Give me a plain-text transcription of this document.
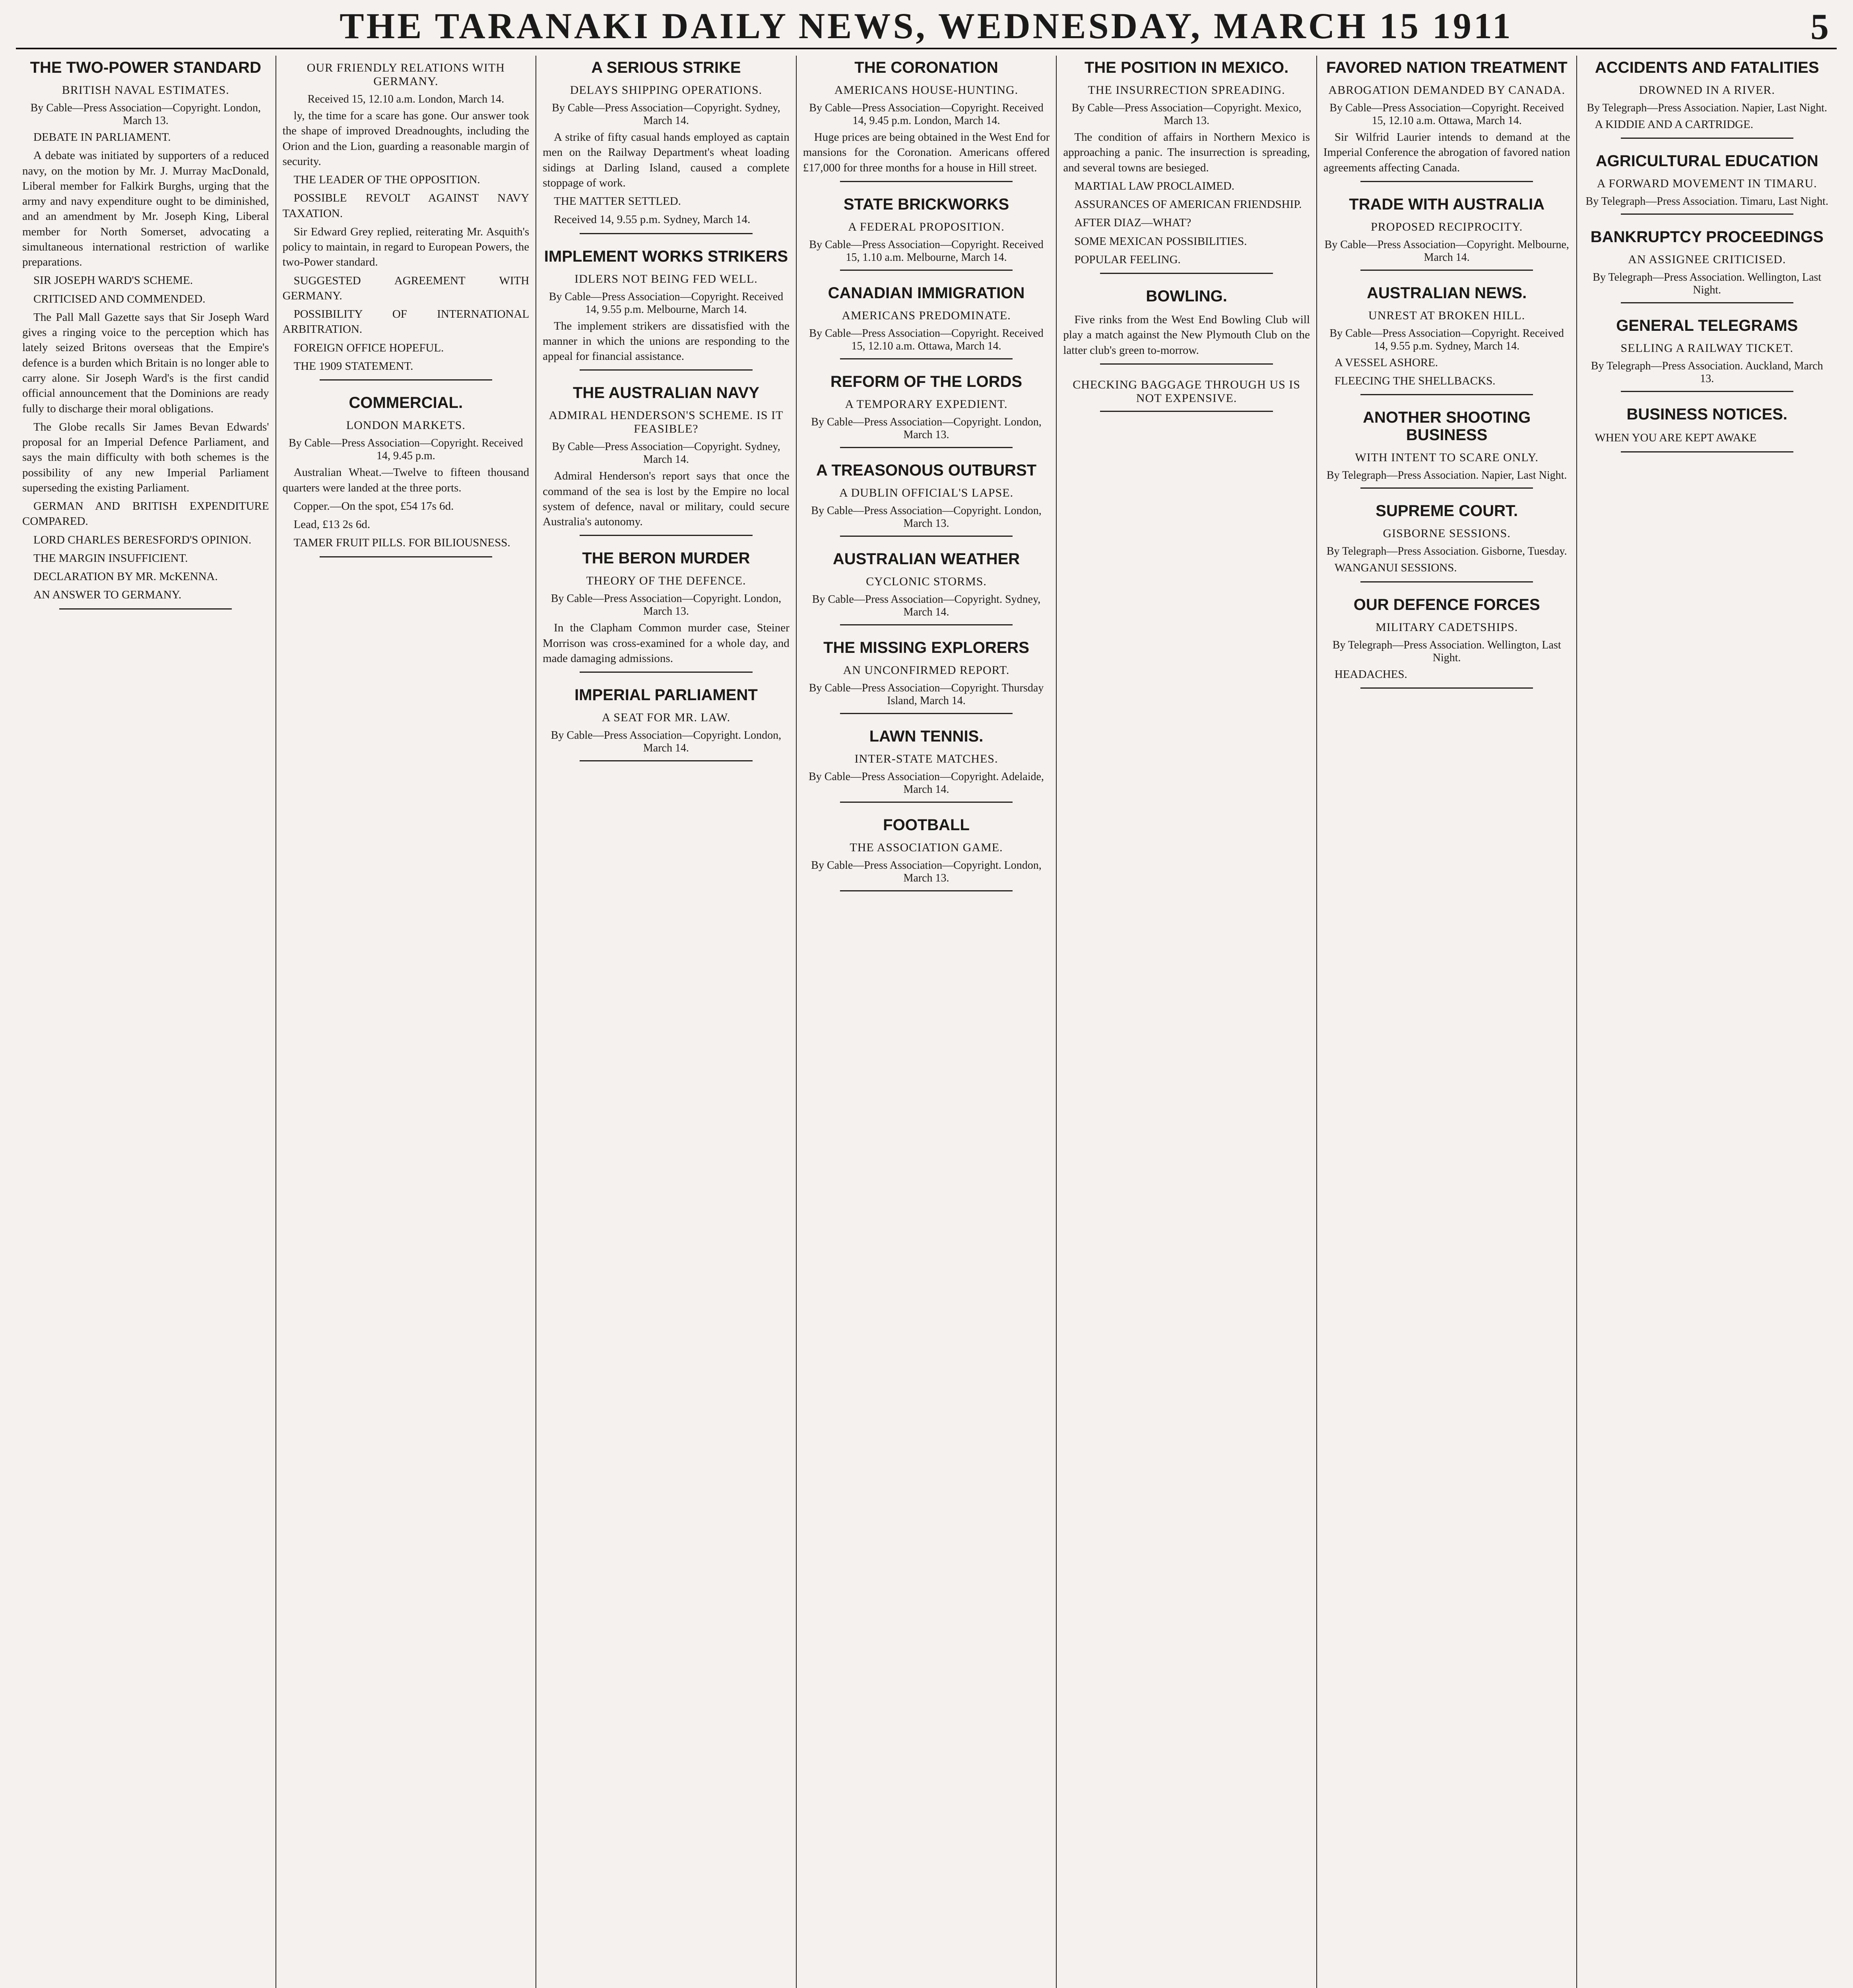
THE TARANAKI DAILY NEWS, WEDNESDAY, MARCH 15 1911	5
THE TWO-POWER STANDARD
BRITISH NAVAL ESTIMATES.
By Cable—Press Association—Copyright. London, March 13.
DEBATE IN PARLIAMENT.
A debate was initiated by supporters of a reduced navy, on the motion by Mr. J. Murray MacDonald, Liberal member for Falkirk Burghs, urging that the army and navy expenditure ought to be diminished, and an amendment by Mr. Joseph King, Liberal member for North Somerset, advocating a simultaneous international restriction of warlike preparations.
SIR JOSEPH WARD'S SCHEME.
CRITICISED AND COMMENDED.
The Pall Mall Gazette says that Sir Joseph Ward gives a ringing voice to the perception which has lately seized Britons overseas that the Empire's defence is a burden which Britain is no longer able to carry alone. Sir Joseph Ward's is the first candid official announcement that the Dominions are ready fully to discharge their moral obligations.
The Globe recalls Sir James Bevan Edwards' proposal for an Imperial Defence Parliament, and says the main difficulty with both schemes is the possibility of any new Imperial Parliament superseding the existing Parliament.
GERMAN AND BRITISH EXPENDITURE COMPARED.
LORD CHARLES BERESFORD'S OPINION.
THE MARGIN INSUFFICIENT.
DECLARATION BY MR. McKENNA.
AN ANSWER TO GERMANY.
OUR FRIENDLY RELATIONS WITH GERMANY.
Received 15, 12.10 a.m. London, March 14.
ly, the time for a scare has gone. Our answer took the shape of improved Dreadnoughts, including the Orion and the Lion, guarding a reasonable margin of security.
THE LEADER OF THE OPPOSITION.
POSSIBLE REVOLT AGAINST NAVY TAXATION.
Sir Edward Grey replied, reiterating Mr. Asquith's policy to maintain, in regard to European Powers, the two-Power standard.
SUGGESTED AGREEMENT WITH GERMANY.
POSSIBILITY OF INTERNATIONAL ARBITRATION.
FOREIGN OFFICE HOPEFUL.
THE 1909 STATEMENT.
COMMERCIAL.
LONDON MARKETS.
By Cable—Press Association—Copyright. Received 14, 9.45 p.m.
Australian Wheat.—Twelve to fifteen thousand quarters were landed at the three ports.
Copper.—On the spot, £54 17s 6d.
Lead, £13 2s 6d.
TAMER FRUIT PILLS. FOR BILIOUSNESS.
A SERIOUS STRIKE
DELAYS SHIPPING OPERATIONS.
By Cable—Press Association—Copyright. Sydney, March 14.
A strike of fifty casual hands employed as captain men on the Railway Department's wheat loading sidings at Darling Island, caused a complete stoppage of work.
THE MATTER SETTLED.
Received 14, 9.55 p.m. Sydney, March 14.
IMPLEMENT WORKS STRIKERS
IDLERS NOT BEING FED WELL.
By Cable—Press Association—Copyright. Received 14, 9.55 p.m. Melbourne, March 14.
The implement strikers are dissatisfied with the manner in which the unions are responding to the appeal for financial assistance.
THE AUSTRALIAN NAVY
ADMIRAL HENDERSON'S SCHEME. IS IT FEASIBLE?
By Cable—Press Association—Copyright. Sydney, March 14.
Admiral Henderson's report says that once the command of the sea is lost by the Empire no local system of defence, naval or military, could secure Australia's autonomy.
THE BERON MURDER
THEORY OF THE DEFENCE.
By Cable—Press Association—Copyright. London, March 13.
In the Clapham Common murder case, Steiner Morrison was cross-examined for a whole day, and made damaging admissions.
IMPERIAL PARLIAMENT
A SEAT FOR MR. LAW.
By Cable—Press Association—Copyright. London, March 14.
THE CORONATION
AMERICANS HOUSE-HUNTING.
By Cable—Press Association—Copyright. Received 14, 9.45 p.m. London, March 14.
Huge prices are being obtained in the West End for mansions for the Coronation. Americans offered £17,000 for three months for a house in Hill street.
STATE BRICKWORKS
A FEDERAL PROPOSITION.
By Cable—Press Association—Copyright. Received 15, 1.10 a.m. Melbourne, March 14.
CANADIAN IMMIGRATION
AMERICANS PREDOMINATE.
By Cable—Press Association—Copyright. Received 15, 12.10 a.m. Ottawa, March 14.
REFORM OF THE LORDS
A TEMPORARY EXPEDIENT.
By Cable—Press Association—Copyright. London, March 13.
A TREASONOUS OUTBURST
A DUBLIN OFFICIAL'S LAPSE.
By Cable—Press Association—Copyright. London, March 13.
AUSTRALIAN WEATHER
CYCLONIC STORMS.
By Cable—Press Association—Copyright. Sydney, March 14.
THE MISSING EXPLORERS
AN UNCONFIRMED REPORT.
By Cable—Press Association—Copyright. Thursday Island, March 14.
LAWN TENNIS.
INTER-STATE MATCHES.
By Cable—Press Association—Copyright. Adelaide, March 14.
FOOTBALL
THE ASSOCIATION GAME.
By Cable—Press Association—Copyright. London, March 13.
THE POSITION IN MEXICO.
THE INSURRECTION SPREADING.
By Cable—Press Association—Copyright. Mexico, March 13.
The condition of affairs in Northern Mexico is approaching a panic. The insurrection is spreading, and several towns are besieged.
MARTIAL LAW PROCLAIMED.
ASSURANCES OF AMERICAN FRIENDSHIP.
AFTER DIAZ—WHAT?
SOME MEXICAN POSSIBILITIES.
POPULAR FEELING.
BOWLING.
Five rinks from the West End Bowling Club will play a match against the New Plymouth Club on the latter club's green to-morrow.
CHECKING BAGGAGE THROUGH US IS NOT EXPENSIVE.
FAVORED NATION TREATMENT
ABROGATION DEMANDED BY CANADA.
By Cable—Press Association—Copyright. Received 15, 12.10 a.m. Ottawa, March 14.
Sir Wilfrid Laurier intends to demand at the Imperial Conference the abrogation of favored nation agreements affecting Canada.
TRADE WITH AUSTRALIA
PROPOSED RECIPROCITY.
By Cable—Press Association—Copyright. Melbourne, March 14.
AUSTRALIAN NEWS.
UNREST AT BROKEN HILL.
By Cable—Press Association—Copyright. Received 14, 9.55 p.m. Sydney, March 14.
A VESSEL ASHORE.
FLEECING THE SHELLBACKS.
ANOTHER SHOOTING BUSINESS
WITH INTENT TO SCARE ONLY.
By Telegraph—Press Association. Napier, Last Night.
SUPREME COURT.
GISBORNE SESSIONS.
By Telegraph—Press Association. Gisborne, Tuesday.
WANGANUI SESSIONS.
OUR DEFENCE FORCES
MILITARY CADETSHIPS.
By Telegraph—Press Association. Wellington, Last Night.
HEADACHES.
ACCIDENTS AND FATALITIES
DROWNED IN A RIVER.
By Telegraph—Press Association. Napier, Last Night.
A KIDDIE AND A CARTRIDGE.
AGRICULTURAL EDUCATION
A FORWARD MOVEMENT IN TIMARU.
By Telegraph—Press Association. Timaru, Last Night.
BANKRUPTCY PROCEEDINGS
AN ASSIGNEE CRITICISED.
By Telegraph—Press Association. Wellington, Last Night.
GENERAL TELEGRAMS
SELLING A RAILWAY TICKET.
By Telegraph—Press Association. Auckland, March 13.
BUSINESS NOTICES.
WHEN YOU ARE KEPT AWAKE
